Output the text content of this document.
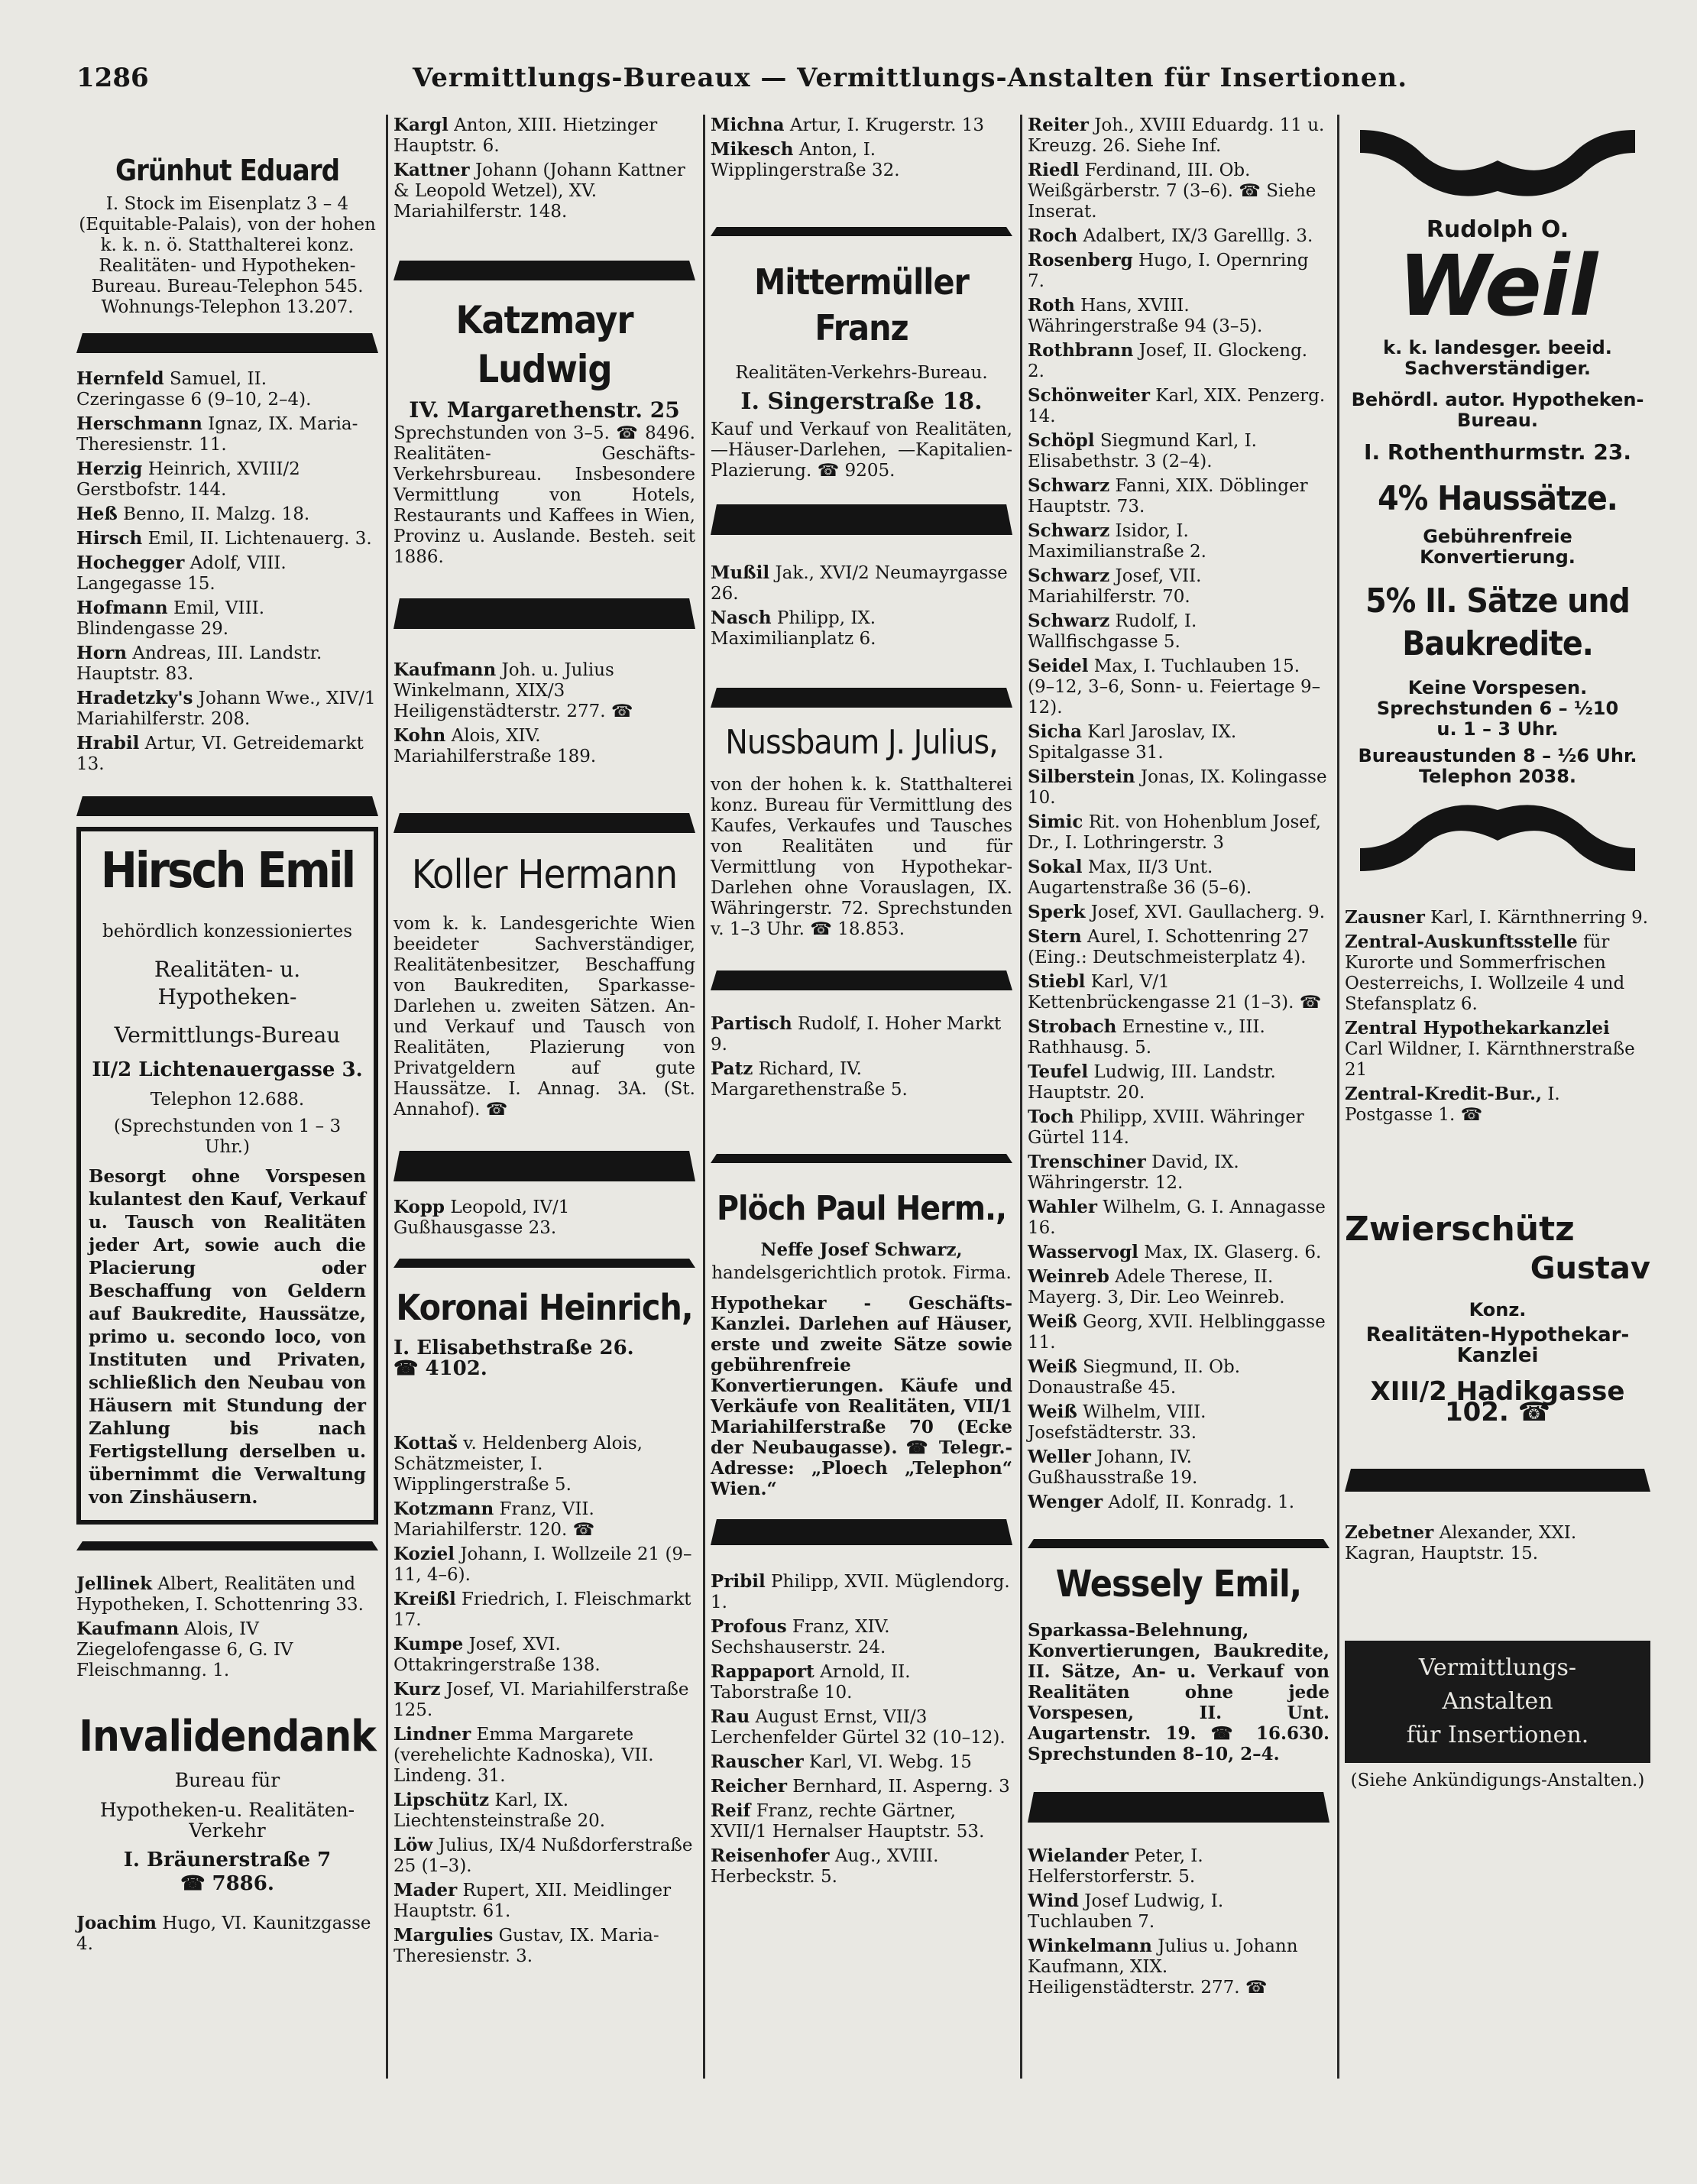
1286	Vermittlungs-Bureaux — Vermittlungs-Anstalten für Insertionen.
Grünhut Eduard
I. Stock im Eisenplatz 3 – 4 (Equitable-Palais), von der hohen k. k. n. ö. Statthalterei konz. Realitäten- und Hypotheken-Bureau. Bureau-Telephon 545. Wohnungs-Telephon 13.207.
Hernfeld Samuel, II. Czeringasse 6 (9–10, 2–4).
Herschmann Ignaz, IX. Maria-Theresienstr. 11.
Herzig Heinrich, XVIII/2 Gerstbofstr. 144.
Heß Benno, II. Malzg. 18.
Hirsch Emil, II. Lichtenauerg. 3.
Hochegger Adolf, VIII. Langegasse 15.
Hofmann Emil, VIII. Blindengasse 29.
Horn Andreas, III. Landstr. Hauptstr. 83.
Hradetzky's Johann Wwe., XIV/1 Mariahilferstr. 208.
Hrabil Artur, VI. Getreidemarkt 13.
Hirsch Emil
behördlich konzessioniertes
Realitäten- u. Hypotheken-
Vermittlungs-Bureau
II/2 Lichtenauergasse 3.
Telephon 12.688.
(Sprechstunden von 1 – 3 Uhr.)
Besorgt ohne Vorspesen kulantest den Kauf, Verkauf u. Tausch von Realitäten jeder Art, sowie auch die Placierung oder Beschaffung von Geldern auf Baukredite, Haussätze, primo u. secondo loco, von Instituten und Privaten, schließlich den Neubau von Häusern mit Stundung der Zahlung bis nach Fertigstellung derselben u. übernimmt die Verwaltung von Zinshäusern.
Jellinek Albert, Realitäten und Hypotheken, I. Schottenring 33.
Kaufmann Alois, IV Ziegelofengasse 6, G. IV Fleischmanng. 1.
Invalidendank
Bureau für
Hypotheken-u. Realitäten-Verkehr
I. Bräunerstraße 7
☎ 7886.
Joachim Hugo, VI. Kaunitzgasse 4.
Kargl Anton, XIII. Hietzinger Hauptstr. 6.
Kattner Johann (Johann Kattner & Leopold Wetzel), XV. Mariahilferstr. 148.
Katzmayr Ludwig
IV. Margarethenstr. 25
Sprechstunden von 3–5. ☎ 8496. Realitäten- Geschäfts-Verkehrsbureau. Insbesondere Vermittlung von Hotels, Restaurants und Kaffees in Wien, Provinz u. Auslande. Besteh. seit 1886.
Kaufmann Joh. u. Julius Winkelmann, XIX/3 Heiligenstädterstr. 277. ☎
Kohn Alois, XIV. Mariahilferstraße 189.
Koller Hermann
vom k. k. Landesgerichte Wien beeideter Sachverständiger, Realitätenbesitzer, Beschaffung von Baukrediten, Sparkasse-Darlehen u. zweiten Sätzen. An- und Verkauf und Tausch von Realitäten, Plazierung von Privatgeldern auf gute Haussätze. I. Annag. 3A. (St. Annahof). ☎
Kopp Leopold, IV/1 Gußhausgasse 23.
Koronai Heinrich,
I. Elisabethstraße 26.
☎ 4102.
Kottaš v. Heldenberg Alois, Schätzmeister, I. Wipplingerstraße 5.
Kotzmann Franz, VII. Mariahilferstr. 120. ☎
Koziel Johann, I. Wollzeile 21 (9–11, 4–6).
Kreißl Friedrich, I. Fleischmarkt 17.
Kumpe Josef, XVI. Ottakringerstraße 138.
Kurz Josef, VI. Mariahilferstraße 125.
Lindner Emma Margarete (verehelichte Kadnoska), VII. Lindeng. 31.
Lipschütz Karl, IX. Liechtensteinstraße 20.
Löw Julius, IX/4 Nußdorferstraße 25 (1–3).
Mader Rupert, XII. Meidlinger Hauptstr. 61.
Margulies Gustav, IX. Maria-Theresienstr. 3.
Michna Artur, I. Krugerstr. 13
Mikesch Anton, I. Wipplingerstraße 32.
Mittermüller Franz
Realitäten-Verkehrs-Bureau.
I. Singerstraße 18.
Kauf und Verkauf von Realitäten, —Häuser-Darlehen, —Kapitalien-Plazierung. ☎ 9205.
Mußil Jak., XVI/2 Neumayrgasse 26.
Nasch Philipp, IX. Maximilianplatz 6.
Nussbaum J. Julius,
von der hohen k. k. Statthalterei konz. Bureau für Vermittlung des Kaufes, Verkaufes und Tausches von Realitäten und für Vermittlung von Hypothekar-Darlehen ohne Vorauslagen, IX. Währingerstr. 72. Sprechstunden v. 1–3 Uhr. ☎ 18.853.
Partisch Rudolf, I. Hoher Markt 9.
Patz Richard, IV. Margarethenstraße 5.
Plöch Paul Herm.,
Neffe Josef Schwarz,
handelsgerichtlich protok. Firma.
Hypothekar - Geschäfts-Kanzlei. Darlehen auf Häuser, erste und zweite Sätze sowie gebührenfreie Konvertierungen. Käufe und Verkäufe von Realitäten, VII/1 Mariahilferstraße 70 (Ecke der Neubaugasse). ☎ Telegr.-Adresse: „Ploech „Telephon“ Wien.“
Pribil Philipp, XVII. Müglendorg. 1.
Profous Franz, XIV. Sechshauserstr. 24.
Rappaport Arnold, II. Taborstraße 10.
Rau August Ernst, VII/3 Lerchenfelder Gürtel 32 (10–12).
Rauscher Karl, VI. Webg. 15
Reicher Bernhard, II. Asperng. 3
Reif Franz, rechte Gärtner, XVII/1 Hernalser Hauptstr. 53.
Reisenhofer Aug., XVIII. Herbeckstr. 5.
Reiter Joh., XVIII Eduardg. 11 u. Kreuzg. 26. Siehe Inf.
Riedl Ferdinand, III. Ob. Weißgärberstr. 7 (3–6). ☎ Siehe Inserat.
Roch Adalbert, IX/3 Garelllg. 3.
Rosenberg Hugo, I. Opernring 7.
Roth Hans, XVIII. Währingerstraße 94 (3–5).
Rothbrann Josef, II. Glockeng. 2.
Schönweiter Karl, XIX. Penzerg. 14.
Schöpl Siegmund Karl, I. Elisabethstr. 3 (2–4).
Schwarz Fanni, XIX. Döblinger Hauptstr. 73.
Schwarz Isidor, I. Maximilianstraße 2.
Schwarz Josef, VII. Mariahilferstr. 70.
Schwarz Rudolf, I. Wallfischgasse 5.
Seidel Max, I. Tuchlauben 15. (9–12, 3–6, Sonn- u. Feiertage 9–12).
Sicha Karl Jaroslav, IX. Spitalgasse 31.
Silberstein Jonas, IX. Kolingasse 10.
Simic Rit. von Hohenblum Josef, Dr., I. Lothringerstr. 3
Sokal Max, II/3 Unt. Augartenstraße 36 (5–6).
Sperk Josef, XVI. Gaullacherg. 9.
Stern Aurel, I. Schottenring 27 (Eing.: Deutschmeisterplatz 4).
Stiebl Karl, V/1 Kettenbrückengasse 21 (1–3). ☎
Strobach Ernestine v., III. Rathhausg. 5.
Teufel Ludwig, III. Landstr. Hauptstr. 20.
Toch Philipp, XVIII. Währinger Gürtel 114.
Trenschiner David, IX. Währingerstr. 12.
Wahler Wilhelm, G. I. Annagasse 16.
Wasservogl Max, IX. Glaserg. 6.
Weinreb Adele Therese, II. Mayerg. 3, Dir. Leo Weinreb.
Weiß Georg, XVII. Helblinggasse 11.
Weiß Siegmund, II. Ob. Donaustraße 45.
Weiß Wilhelm, VIII. Josefstädterstr. 33.
Weller Johann, IV. Gußhausstraße 19.
Wenger Adolf, II. Konradg. 1.
Wessely Emil,
Sparkassa-Belehnung, Konvertierungen, Baukredite, II. Sätze, An- u. Verkauf von Realitäten ohne jede Vorspesen, II. Unt. Augartenstr. 19. ☎ 16.630. Sprechstunden 8–10, 2–4.
Wielander Peter, I. Helferstorferstr. 5.
Wind Josef Ludwig, I. Tuchlauben 7.
Winkelmann Julius u. Johann Kaufmann, XIX. Heiligenstädterstr. 277. ☎
Rudolph O.
Weil
k. k. landesger. beeid.
Sachverständiger.
Behördl. autor. Hypotheken-Bureau.
I. Rothenthurmstr. 23.
4% Haussätze.
Gebührenfreie Konvertierung.
5% II. Sätze und
Baukredite.
Keine Vorspesen.
Sprechstunden 6 – ½10
u. 1 – 3 Uhr.
Bureaustunden 8 – ½6 Uhr.
Telephon 2038.
Zausner Karl, I. Kärnthnerring 9.
Zentral-Auskunftsstelle für Kurorte und Sommerfrischen Oesterreichs, I. Wollzeile 4 und Stefansplatz 6.
Zentral Hypothekarkanzlei Carl Wildner, I. Kärnthnerstraße 21
Zentral-Kredit-Bur., I. Postgasse 1. ☎
Zwierschütz
Gustav
Konz.
Realitäten-Hypothekar-
Kanzlei
XIII/2 Hadikgasse 102. ☎
Zebetner Alexander, XXI. Kagran, Hauptstr. 15.
Vermittlungs-
Anstalten
für Insertionen.
(Siehe Ankündigungs-Anstalten.)
